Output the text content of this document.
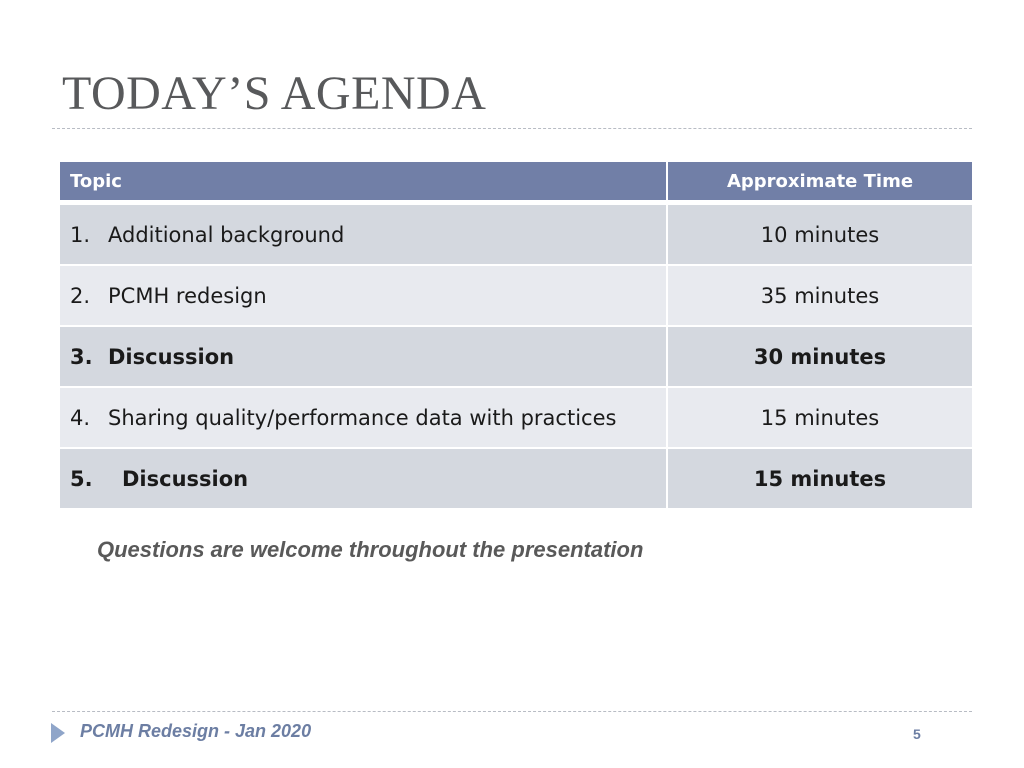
TODAY’S AGENDA
Topic	Approximate Time
1. Additional background	10 minutes
2. PCMH redesign	35 minutes
3. Discussion	30 minutes
4. Sharing quality/performance data with practices	15 minutes
5. Discussion	15 minutes
Questions are welcome throughout the presentation
PCMH Redesign - Jan 2020	5
